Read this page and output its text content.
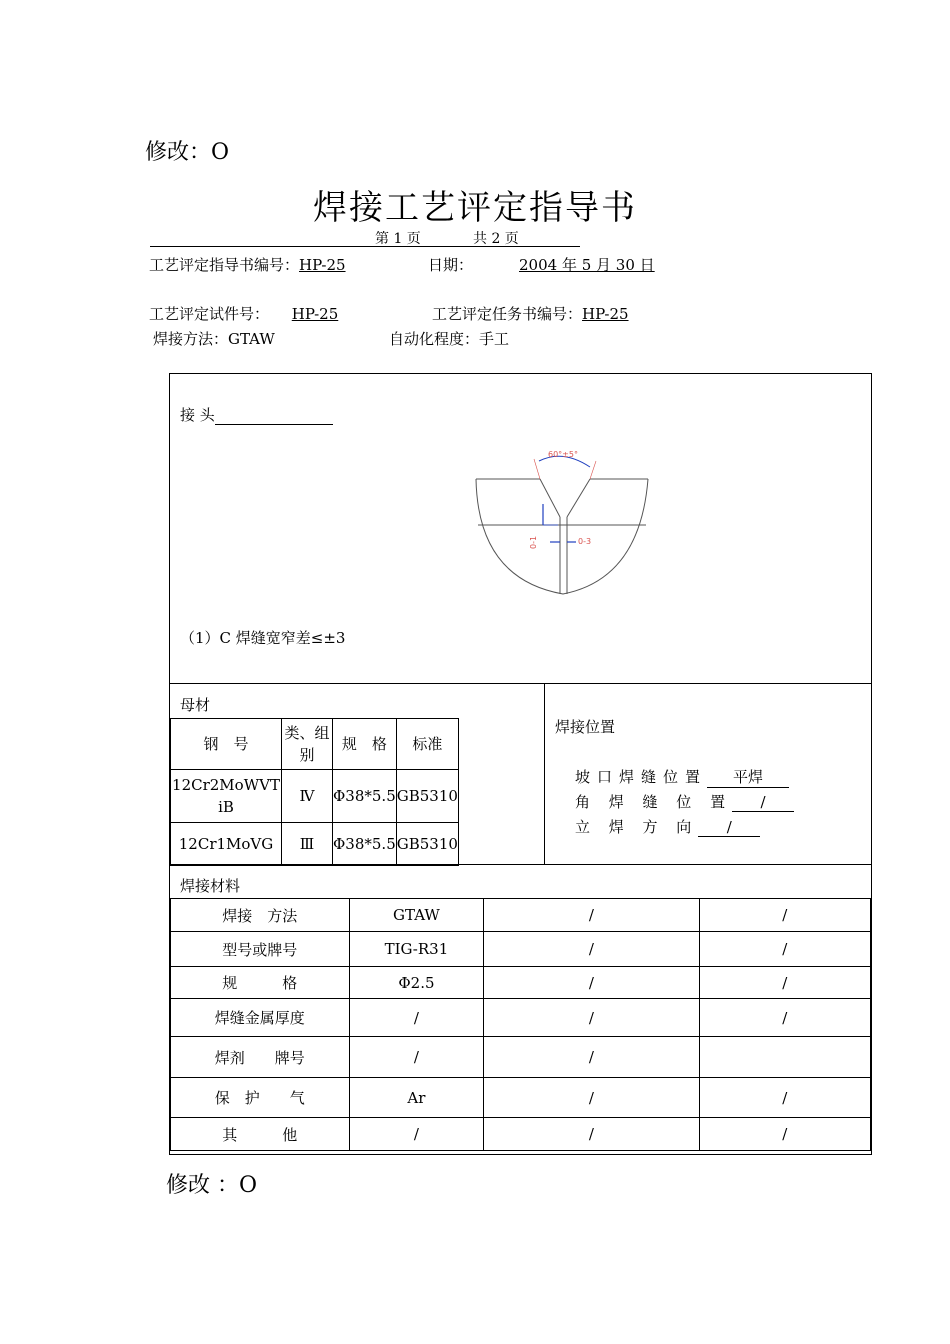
修改：O
焊接工艺评定指导书
第 1 页	共 2 页
工艺评定指导书编号：HP-25	日期：	2004 年 5 月 30 日
工艺评定试件号： HP-25	工艺评定任务书编号：HP-25
焊接方法：GTAW	自动化程度：手工
接 头
60°±5°
0-1	0-3
（1）C 焊缝宽窄差≤±3
母材
钢　号	类、组别	规　格	标准
12Cr2MoWVTiB	Ⅳ	Φ38*5.5	GB5310
12Cr1MoVG	Ⅲ	Φ38*5.5	GB5310
焊接位置
坡口焊缝位置 平焊
角 焊 缝 位 置 /
立 焊 方 向 /
焊接材料
焊接　方法	GTAW	/	/
型号或牌号	TIG-R31	/	/
规　　　格	Φ2.5	/	/
焊缝金属厚度	/	/	/
焊剂　　牌号	/	/	
保　护　　气	Ar	/	/
其　　　他	/	/	/
修改 ：O
